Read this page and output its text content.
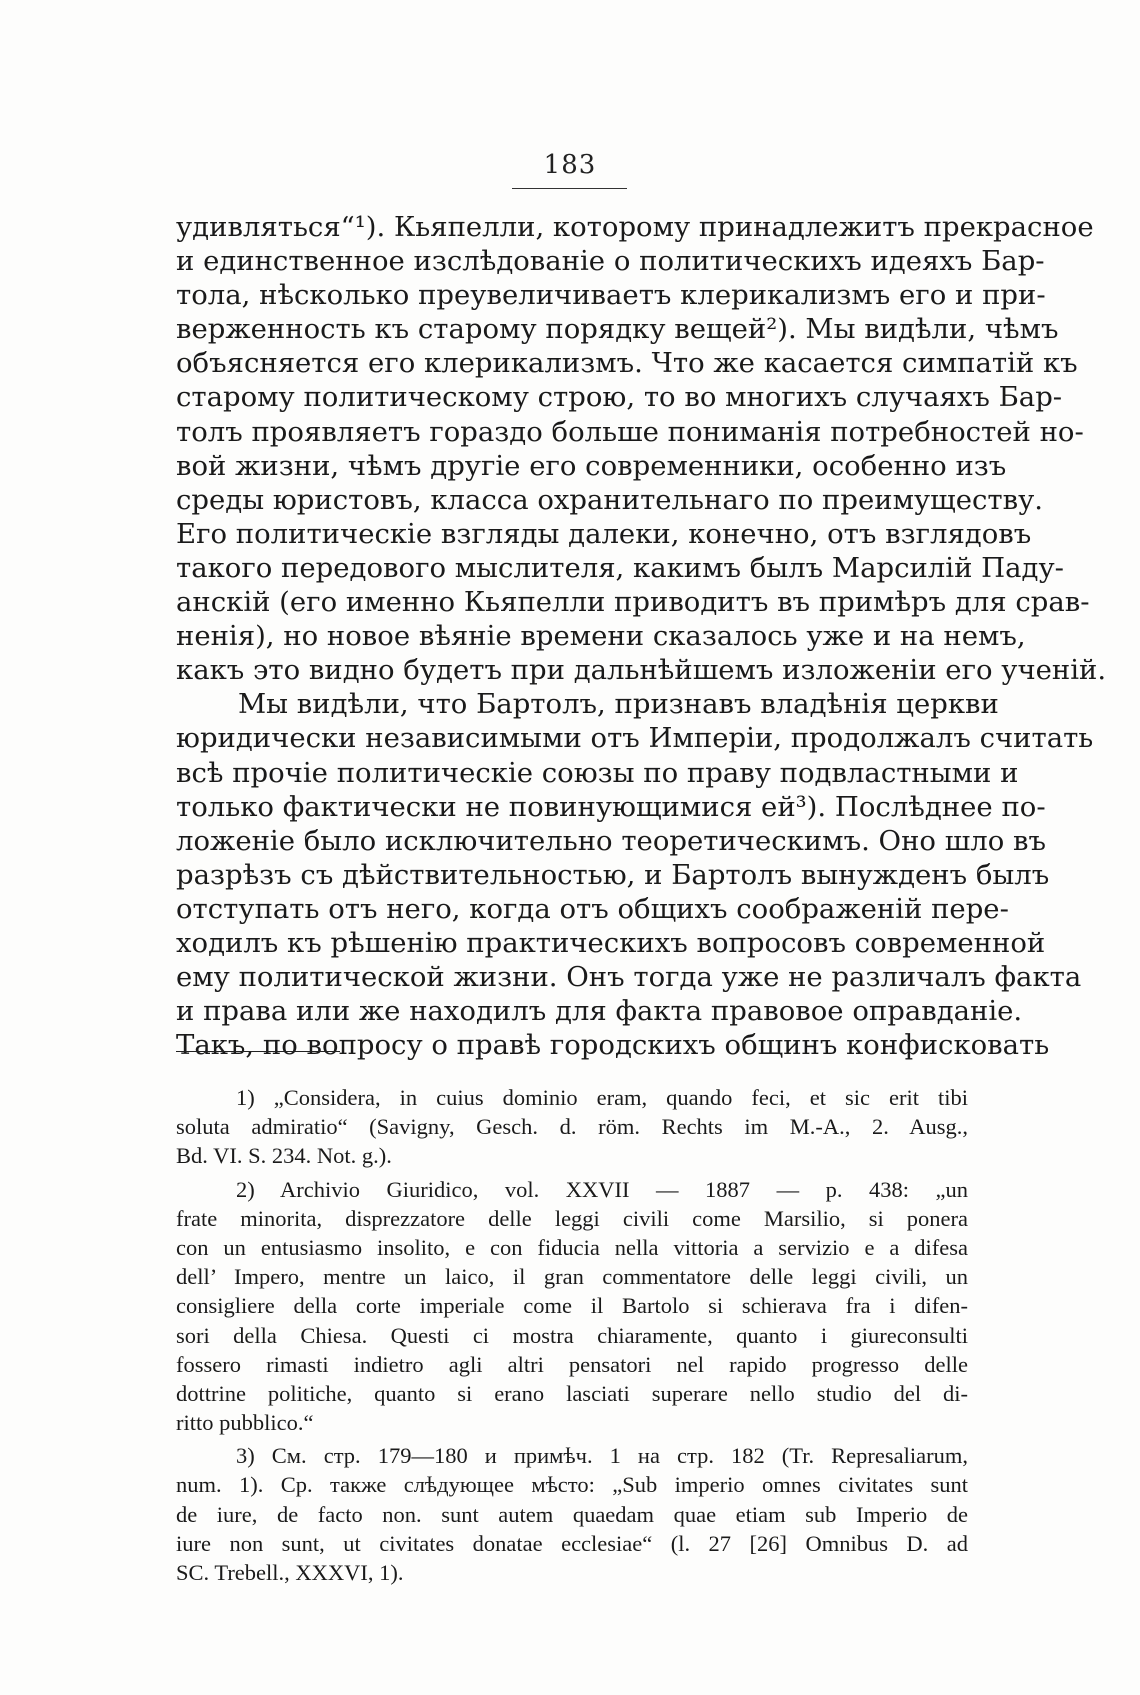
183
удивляться“¹). Кьяпелли, которому принадлежитъ прекрасное
и единственное изслѣдованіе о политическихъ идеяхъ Бар-
тола, нѣсколько преувеличиваетъ клерикализмъ его и при-
верженность къ старому порядку вещей²). Мы видѣли, чѣмъ
объясняется его клерикализмъ. Что же касается симпатій къ
старому политическому строю, то во многихъ случаяхъ Бар-
толъ проявляетъ гораздо больше пониманія потребностей но-
вой жизни, чѣмъ другіе его современники, особенно изъ
среды юристовъ, класса охранительнаго по преимуществу.
Его политическіе взгляды далеки, конечно, отъ взглядовъ
такого передового мыслителя, какимъ былъ Марсилій Паду-
анскій (его именно Кьяпелли приводитъ въ примѣръ для срав-
ненія), но новое вѣяніе времени сказалось уже и на немъ,
какъ это видно будетъ при дальнѣйшемъ изложеніи его ученій.
Мы видѣли, что Бартолъ, признавъ владѣнія церкви
юридически независимыми отъ Имперіи, продолжалъ считать
всѣ прочіе политическіе союзы по праву подвластными и
только фактически не повинующимися ей³). Послѣднее по-
ложеніе было исключительно теоретическимъ. Оно шло въ
разрѣзъ съ дѣйствительностью, и Бартолъ вынужденъ былъ
отступать отъ него, когда отъ общихъ соображеній пере-
ходилъ къ рѣшенію практическихъ вопросовъ современной
ему политической жизни. Онъ тогда уже не различалъ факта
и права или же находилъ для факта правовое оправданіе.
Такъ, по вопросу о правѣ городскихъ общинъ конфисковать
1) „Considera, in cuius dominio eram, quando feci, et sic erit tibi
soluta admiratio“ (Savigny, Gesch. d. röm. Rechts im M.-A., 2. Ausg.,
Bd. VI. S. 234. Not. g.).
2) Archivio Giuridico, vol. XXVII — 1887 — p. 438: „un
frate minorita, disprezzatore delle leggi civili come Marsilio, si ponera
con un entusiasmo insolito, e con fiducia nella vittoria a servizio e a difesa
dell’ Impero, mentre un laico, il gran commentatore delle leggi civili, un
consigliere della corte imperiale come il Bartolo si schierava fra i difen-
sori della Chiesa. Questi ci mostra chiaramente, quanto i giureconsulti
fossero rimasti indietro agli altri pensatori nel rapido progresso delle
dottrine politiche, quanto si erano lasciati superare nello studio del di-
ritto pubblico.“
3) См. стр. 179—180 и примѣч. 1 на стр. 182 (Tr. Represaliarum,
num. 1). Ср. также слѣдующее мѣсто: „Sub imperio omnes civitates sunt
de iure, de facto non. sunt autem quaedam quae etiam sub Imperio de
iure non sunt, ut civitates donatae ecclesiae“ (l. 27 [26] Omnibus D. ad
SC. Trebell., XXXVI, 1).
